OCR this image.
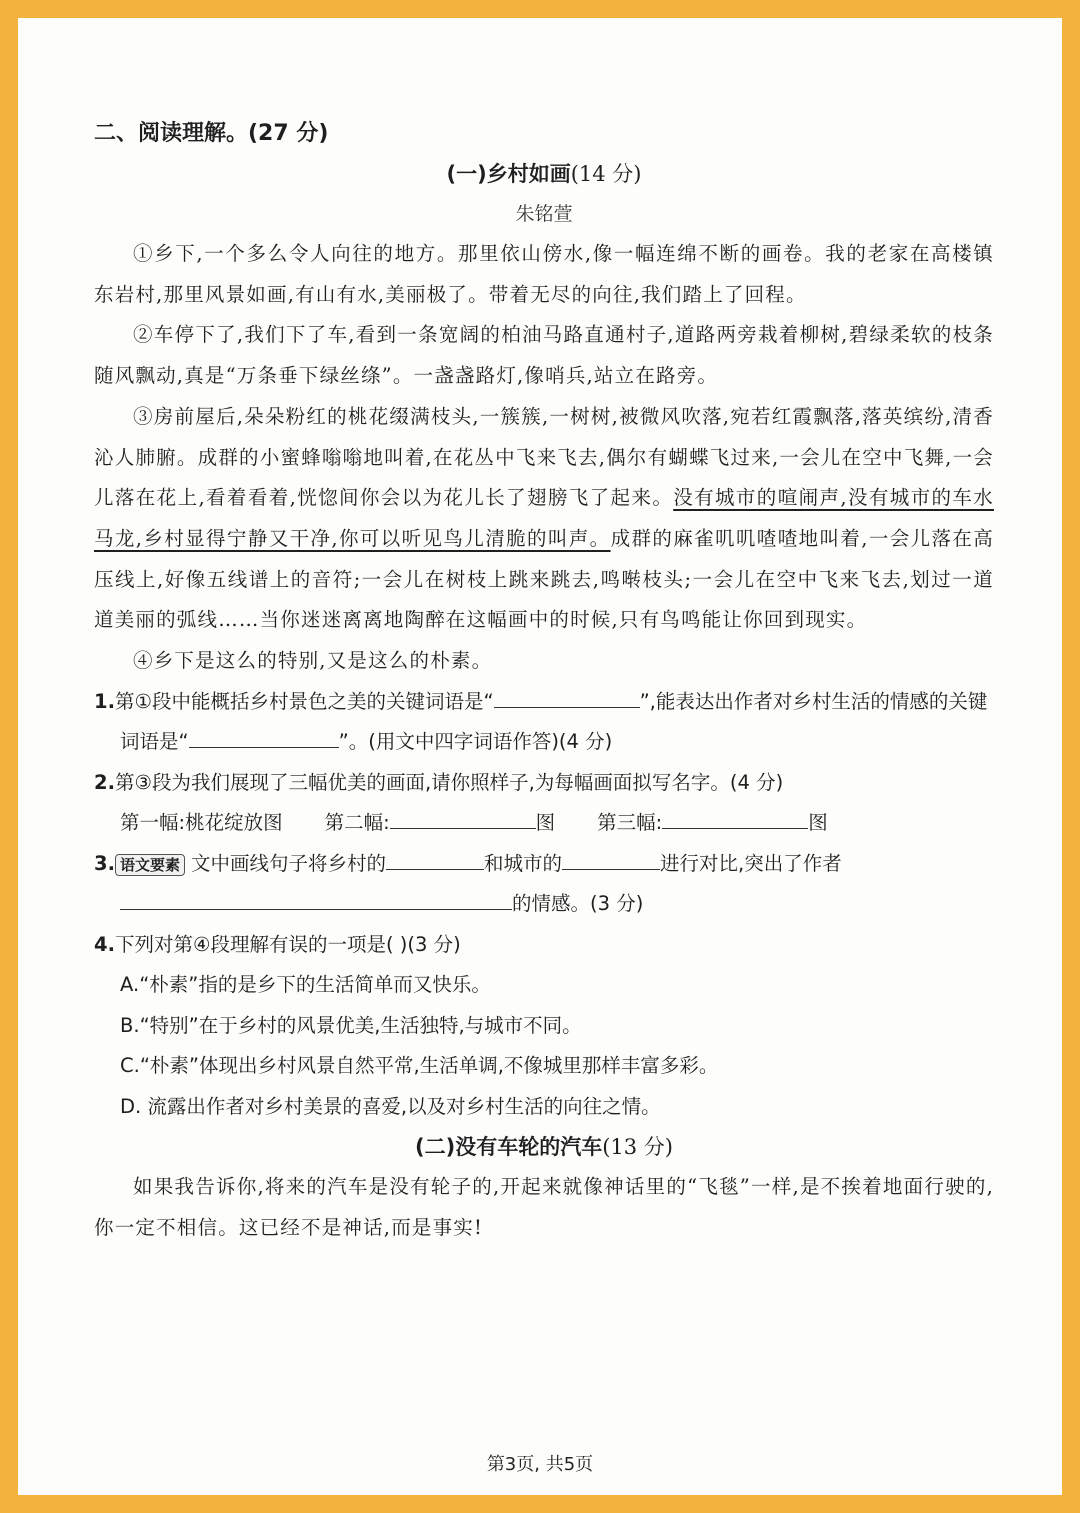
二、阅读理解。(27 分)
(一)乡村如画(14 分)
朱铭萱

①乡下,一个多么令人向往的地方。那里依山傍水,像一幅连绵不断的画卷。我的老家在高楼镇东岩村,那里风景如画,有山有水,美丽极了。带着无尽的向往,我们踏上了回程。

②车停下了,我们下了车,看到一条宽阔的柏油马路直通村子,道路两旁栽着柳树,碧绿柔软的枝条随风飘动,真是“万条垂下绿丝绦”。一盏盏路灯,像哨兵,站立在路旁。

③房前屋后,朵朵粉红的桃花缀满枝头,一簇簇,一树树,被微风吹落,宛若红霞飘落,落英缤纷,清香沁人肺腑。成群的小蜜蜂嗡嗡地叫着,在花丛中飞来飞去,偶尔有蝴蝶飞过来,一会儿在空中飞舞,一会儿落在花上,看着看着,恍惚间你会以为花儿长了翅膀飞了起来。没有城市的喧闹声,没有城市的车水马龙,乡村显得宁静又干净,你可以听见鸟儿清脆的叫声。成群的麻雀叽叽喳喳地叫着,一会儿落在高压线上,好像五线谱上的音符;一会儿在树枝上跳来跳去,鸣啭枝头;一会儿在空中飞来飞去,划过一道道美丽的弧线……当你迷迷离离地陶醉在这幅画中的时候,只有鸟鸣能让你回到现实。

④乡下是这么的特别,又是这么的朴素。

1.第①段中能概括乡村景色之美的关键词语是“	”,能表达出作者对乡村生活的情感的关键词语是“	”。(用文中四字词语作答)(4 分)

2.第③段为我们展现了三幅优美的画面,请你照样子,为每幅画面拟写名字。(4 分)

第一幅:桃花绽放图 第二幅:	图 第三幅:	图

3. 语文要素 文中画线句子将乡村的	和城市的	进行对比,突出了作者的情感。(3 分)

4.下列对第④段理解有误的一项是( )(3 分)

A.“朴素”指的是乡下的生活简单而又快乐。

B.“特别”在于乡村的风景优美,生活独特,与城市不同。

C.“朴素”体现出乡村风景自然平常,生活单调,不像城里那样丰富多彩。

D. 流露出作者对乡村美景的喜爱,以及对乡村生活的向往之情。

(二)没有车轮的汽车(13 分)

如果我告诉你,将来的汽车是没有轮子的,开起来就像神话里的“飞毯”一样,是不挨着地面行驶的,你一定不相信。这已经不是神话,而是事实!

第3页, 共5页
